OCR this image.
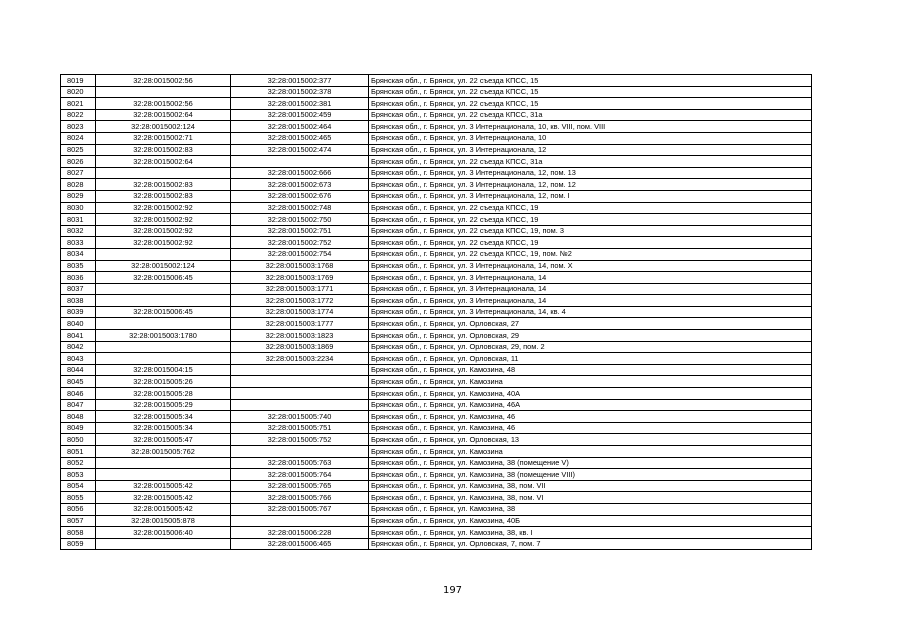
8019	32:28:0015002:56	32:28:0015002:377	Брянская обл., г. Брянск, ул. 22 съезда КПСС, 15
8020		32:28:0015002:378	Брянская обл., г. Брянск, ул. 22 съезда КПСС, 15
8021	32:28:0015002:56	32:28:0015002:381	Брянская обл., г. Брянск, ул. 22 съезда КПСС, 15
8022	32:28:0015002:64	32:28:0015002:459	Брянская обл., г. Брянск, ул. 22 съезда КПСС, 31а
8023	32:28:0015002:124	32:28:0015002:464	Брянская обл., г. Брянск, ул. 3 Интернационала, 10, кв. VIII, пом. VIII
8024	32:28:0015002:71	32:28:0015002:465	Брянская обл., г. Брянск, ул. 3 Интернационала, 10
8025	32:28:0015002:83	32:28:0015002:474	Брянская обл., г. Брянск, ул. 3 Интернационала, 12
8026	32:28:0015002:64		Брянская обл., г. Брянск, ул. 22 съезда КПСС, 31а
8027		32:28:0015002:666	Брянская обл., г. Брянск, ул. 3 Интернационала, 12, пом. 13
8028	32:28:0015002:83	32:28:0015002:673	Брянская обл., г. Брянск, ул. 3 Интернационала, 12, пом. 12
8029	32:28:0015002:83	32:28:0015002:676	Брянская обл., г. Брянск, ул. 3 Интернационала, 12, пом. I
8030	32:28:0015002:92	32:28:0015002:748	Брянская обл., г. Брянск, ул. 22 съезда КПСС, 19
8031	32:28:0015002:92	32:28:0015002:750	Брянская обл., г. Брянск, ул. 22 съезда КПСС, 19
8032	32:28:0015002:92	32:28:0015002:751	Брянская обл., г. Брянск, ул. 22 съезда КПСС, 19, пом. 3
8033	32:28:0015002:92	32:28:0015002:752	Брянская обл., г. Брянск, ул. 22 съезда КПСС, 19
8034		32:28:0015002:754	Брянская обл., г. Брянск, ул. 22 съезда КПСС, 19, пом. №2
8035	32:28:0015002:124	32:28:0015003:1768	Брянская обл., г. Брянск, ул. 3 Интернационала, 14, пом. X
8036	32:28:0015006:45	32:28:0015003:1769	Брянская обл., г. Брянск, ул. 3 Интернационала, 14
8037		32:28:0015003:1771	Брянская обл., г. Брянск, ул. 3 Интернационала, 14
8038		32:28:0015003:1772	Брянская обл., г. Брянск, ул. 3 Интернационала, 14
8039	32:28:0015006:45	32:28:0015003:1774	Брянская обл., г. Брянск, ул. 3 Интернационала, 14, кв. 4
8040		32:28:0015003:1777	Брянская обл., г. Брянск, ул. Орловская, 27
8041	32:28:0015003:1780	32:28:0015003:1823	Брянская обл., г. Брянск, ул. Орловская, 29
8042		32:28:0015003:1869	Брянская обл., г. Брянск, ул. Орловская, 29, пом. 2
8043		32:28:0015003:2234	Брянская обл., г. Брянск, ул. Орловская, 11
8044	32:28:0015004:15		Брянская обл., г. Брянск, ул. Камозина, 48
8045	32:28:0015005:26		Брянская обл., г. Брянск, ул. Камозина
8046	32:28:0015005:28		Брянская обл., г. Брянск, ул. Камозина, 40А
8047	32:28:0015005:29		Брянская обл., г. Брянск, ул. Камозина, 46А
8048	32:28:0015005:34	32:28:0015005:740	Брянская обл., г. Брянск, ул. Камозина, 46
8049	32:28:0015005:34	32:28:0015005:751	Брянская обл., г. Брянск, ул. Камозина, 46
8050	32:28:0015005:47	32:28:0015005:752	Брянская обл., г. Брянск, ул. Орловская, 13
8051	32:28:0015005:762		Брянская обл., г. Брянск, ул. Камозина
8052		32:28:0015005:763	Брянская обл., г. Брянск, ул. Камозина, 38 (помещение V)
8053		32:28:0015005:764	Брянская обл., г. Брянск, ул. Камозина, 38 (помещение VIII)
8054	32:28:0015005:42	32:28:0015005:765	Брянская обл., г. Брянск, ул. Камозина, 38, пом. VII
8055	32:28:0015005:42	32:28:0015005:766	Брянская обл., г. Брянск, ул. Камозина, 38, пом. VI
8056	32:28:0015005:42	32:28:0015005:767	Брянская обл., г. Брянск, ул. Камозина, 38
8057	32:28:0015005:878		Брянская обл., г. Брянск, ул. Камозина, 40Б
8058	32:28:0015006:40	32:28:0015006:228	Брянская обл., г. Брянск, ул. Камозина, 38, кв. I
8059		32:28:0015006:465	Брянская обл., г. Брянск, ул. Орловская, 7, пом. 7
197
